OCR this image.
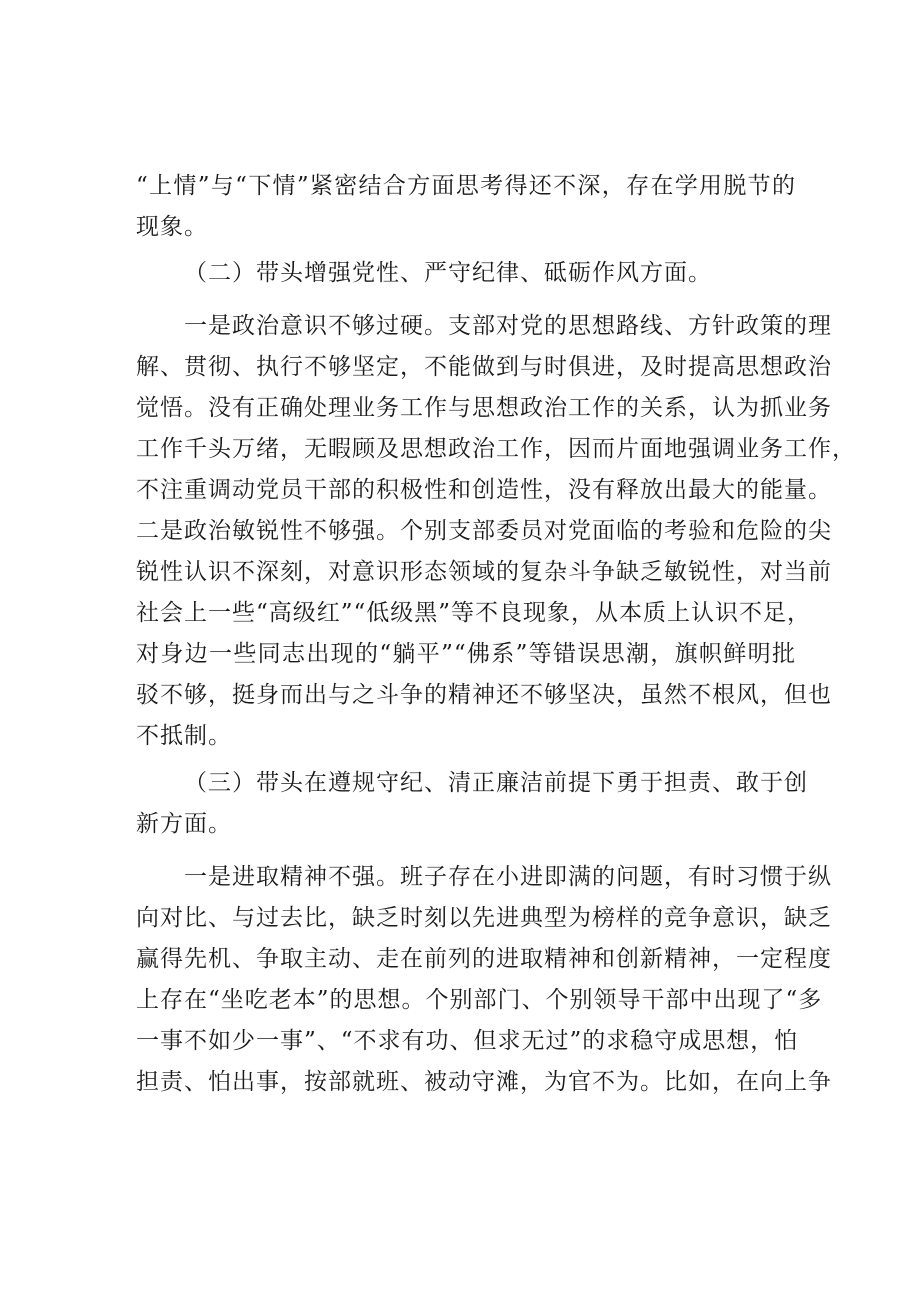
“上情”与“下情”紧密结合方面思考得还不深，存在学用脱节的

现象。

（二）带头增强党性、严守纪律、砥砺作风方面。

一是政治意识不够过硬。支部对党的思想路线、方针政策的理

解、贯彻、执行不够坚定，不能做到与时俱进，及时提高思想政治

觉悟。没有正确处理业务工作与思想政治工作的关系，认为抓业务

工作千头万绪，无暇顾及思想政治工作，因而片面地强调业务工作，

不注重调动党员干部的积极性和创造性，没有释放出最大的能量。

二是政治敏锐性不够强。个别支部委员对党面临的考验和危险的尖

锐性认识不深刻，对意识形态领域的复杂斗争缺乏敏锐性，对当前

社会上一些“高级红”“低级黑”等不良现象，从本质上认识不足，

对身边一些同志出现的“躺平”“佛系”等错误思潮，旗帜鲜明批

驳不够，挺身而出与之斗争的精神还不够坚决，虽然不根风，但也

不抵制。

（三）带头在遵规守纪、清正廉洁前提下勇于担责、敢于创

新方面。

一是进取精神不强。班子存在小进即满的问题，有时习惯于纵

向对比、与过去比，缺乏时刻以先进典型为榜样的竞争意识，缺乏

赢得先机、争取主动、走在前列的进取精神和创新精神，一定程度

上存在“坐吃老本”的思想。个别部门、个别领导干部中出现了“多

一事不如少一事”、“不求有功、但求无过”的求稳守成思想，怕

担责、怕出事，按部就班、被动守滩，为官不为。比如，在向上争
